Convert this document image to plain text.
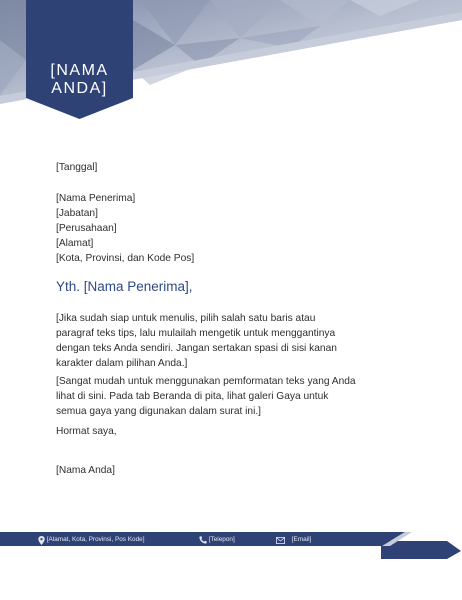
[NAMA
ANDA]
[Tanggal]
[Nama Penerima]
[Jabatan]
[Perusahaan]
[Alamat]
[Kota, Provinsi, dan Kode Pos]
Yth. [Nama Penerima],
[Jika sudah siap untuk menulis, pilih salah satu baris atau paragraf teks tips, lalu mulailah mengetik untuk menggantinya dengan teks Anda sendiri. Jangan sertakan spasi di sisi kanan karakter dalam pilihan Anda.]
[Sangat mudah untuk menggunakan pemformatan teks yang Anda lihat di sini. Pada tab Beranda di pita, lihat galeri Gaya untuk semua gaya yang digunakan dalam surat ini.]
Hormat saya,
[Nama Anda]
[Alamat, Kota, Provinsi, Pos Kode]	[Telepon]	[Email]
